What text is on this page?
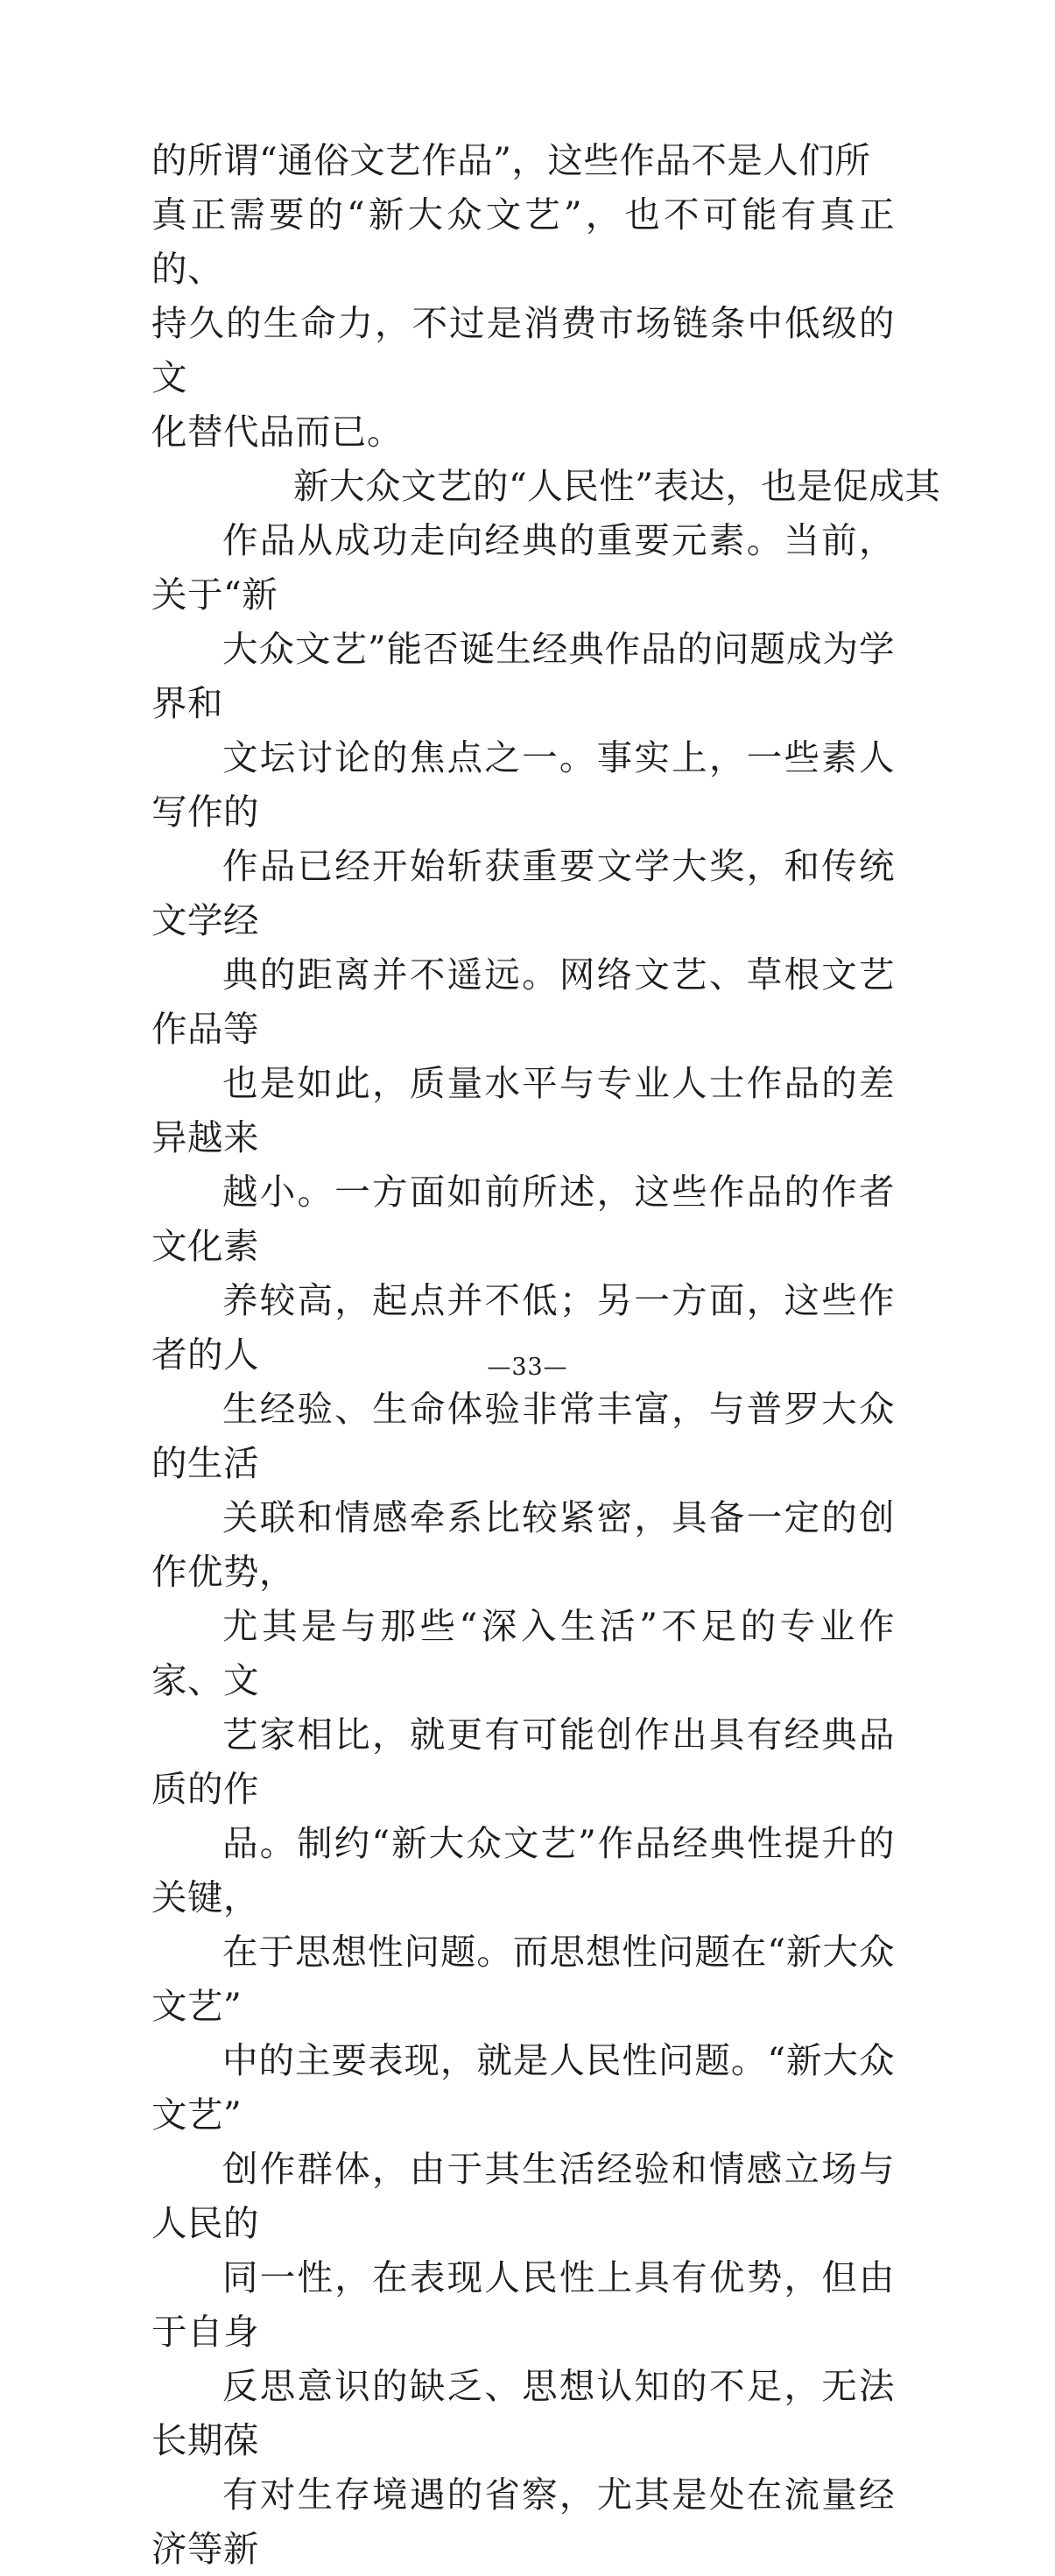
的所谓“通俗文艺作品”，这些作品不是人们所
真正需要的“新大众文艺”，也不可能有真正的、
持久的生命力，不过是消费市场链条中低级的文
化替代品而已。
新大众文艺的“人民性”表达，也是促成其
作品从成功走向经典的重要元素。当前，关于“新
大众文艺”能否诞生经典作品的问题成为学界和
文坛讨论的焦点之一。事实上，一些素人写作的
作品已经开始斩获重要文学大奖，和传统文学经
典的距离并不遥远。网络文艺、草根文艺作品等
也是如此，质量水平与专业人士作品的差异越来
越小。一方面如前所述，这些作品的作者文化素
养较高，起点并不低；另一方面，这些作者的人
生经验、生命体验非常丰富，与普罗大众的生活
关联和情感牵系比较紧密，具备一定的创作优势，
尤其是与那些“深入生活”不足的专业作家、文
艺家相比，就更有可能创作出具有经典品质的作
品。制约“新大众文艺”作品经典性提升的关键，
在于思想性问题。而思想性问题在“新大众文艺”
中的主要表现，就是人民性问题。“新大众文艺”
创作群体，由于其生活经验和情感立场与人民的
同一性，在表现人民性上具有优势，但由于自身
反思意识的缺乏、思想认知的不足，无法长期葆
有对生存境遇的省察，尤其是处在流量经济等新
—33—
